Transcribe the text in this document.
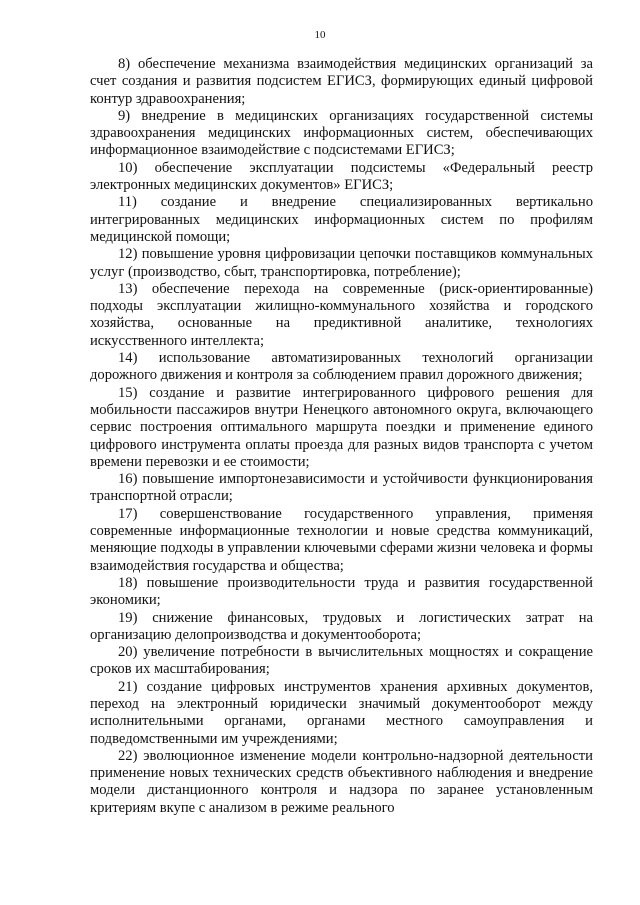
10

8) обеспечение механизма взаимодействия медицинских организаций за счет создания и развития подсистем ЕГИСЗ, формирующих единый цифровой контур здравоохранения;

9) внедрение в медицинских организациях государственной системы здравоохранения медицинских информационных систем, обеспечивающих информационное взаимодействие с подсистемами ЕГИСЗ;

10) обеспечение эксплуатации подсистемы «Федеральный реестр электронных медицинских документов» ЕГИСЗ;

11) создание и внедрение специализированных вертикально интегрированных медицинских информационных систем по профилям медицинской помощи;

12) повышение уровня цифровизации цепочки поставщиков коммунальных услуг (производство, сбыт, транспортировка, потребление);

13) обеспечение перехода на современные (риск-ориентированные) подходы эксплуатации жилищно-коммунального хозяйства и городского хозяйства, основанные на предиктивной аналитике, технологиях искусственного интеллекта;

14) использование автоматизированных технологий организации дорожного движения и контроля за соблюдением правил дорожного движения;

15) создание и развитие интегрированного цифрового решения для мобильности пассажиров внутри Ненецкого автономного округа, включающего сервис построения оптимального маршрута поездки и применение единого цифрового инструмента оплаты проезда для разных видов транспорта с учетом времени перевозки и ее стоимости;

16) повышение импортонезависимости и устойчивости функционирования транспортной отрасли;

17) совершенствование государственного управления, применяя современные информационные технологии и новые средства коммуникаций, меняющие подходы в управлении ключевыми сферами жизни человека и формы взаимодействия государства и общества;

18) повышение производительности труда и развития государственной экономики;

19) снижение финансовых, трудовых и логистических затрат на организацию делопроизводства и документооборота;

20) увеличение потребности в вычислительных мощностях и сокращение сроков их масштабирования;

21) создание цифровых инструментов хранения архивных документов, переход на электронный юридически значимый документооборот между исполнительными органами, органами местного самоуправления и подведомственными им учреждениями;

22) эволюционное изменение модели контрольно-надзорной деятельности применение новых технических средств объективного наблюдения и внедрение модели дистанционного контроля и надзора по заранее установленным критериям вкупе с анализом в режиме реального
